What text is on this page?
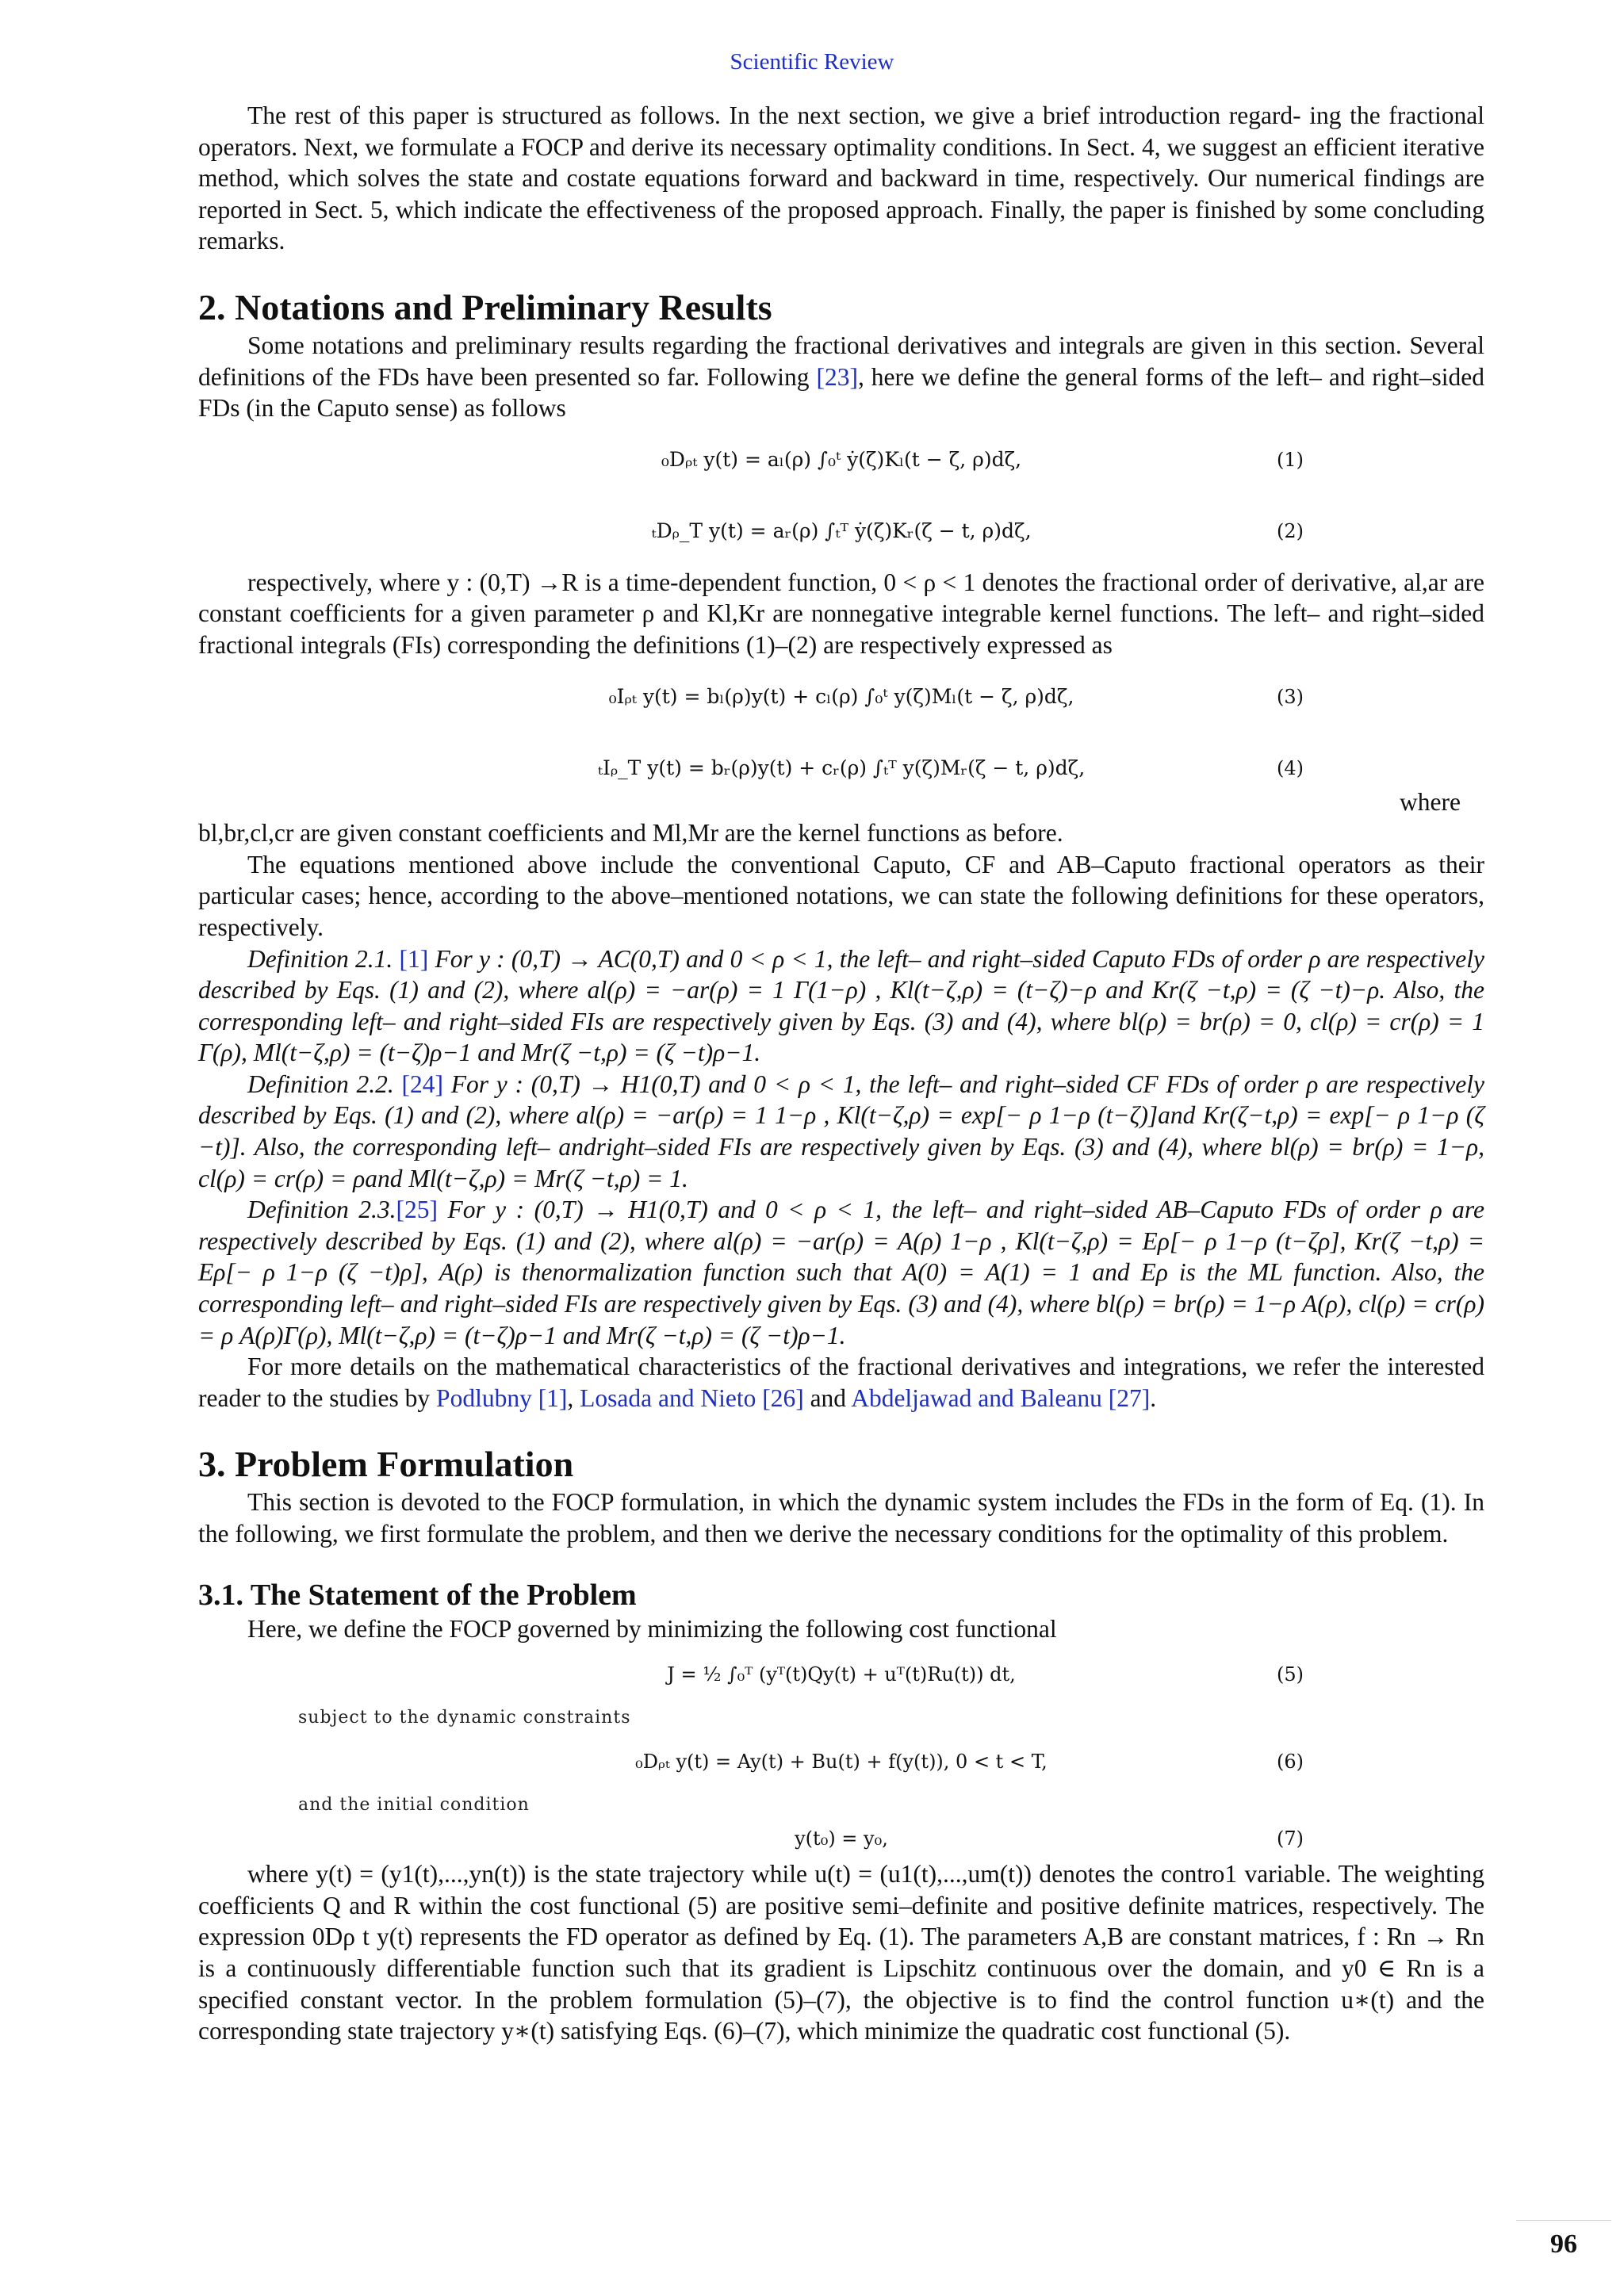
Scientific Review

The rest of this paper is structured as follows. In the next section, we give a brief introduction regard- ing the fractional operators. Next, we formulate a FOCP and derive its necessary optimality conditions. In Sect. 4, we suggest an efficient iterative method, which solves the state and costate equations forward and backward in time, respectively. Our numerical findings are reported in Sect. 5, which indicate the effectiveness of the proposed approach. Finally, the paper is finished by some concluding remarks.

2. Notations and Preliminary Results

Some notations and preliminary results regarding the fractional derivatives and integrals are given in this section. Several definitions of the FDs have been presented so far. Following [23], here we define the general forms of the left– and right–sided FDs (in the Caputo sense) as follows

₀Dᵨₜ y(t) = aₗ(ρ) ∫₀ᵗ ẏ(ζ)Kₗ(t − ζ, ρ)dζ,	(1)
ₜDᵨ_T y(t) = aᵣ(ρ) ∫ₜᵀ ẏ(ζ)Kᵣ(ζ − t, ρ)dζ,	(2)

respectively, where y : (0,T) →R is a time-dependent function, 0 < ρ < 1 denotes the fractional order of derivative, al,ar are constant coefficients for a given parameter ρ and Kl,Kr are nonnegative integrable kernel functions. The left– and right–sided fractional integrals (FIs) corresponding the definitions (1)–(2) are respectively expressed as

₀Iᵨₜ y(t) = bₗ(ρ)y(t) + cₗ(ρ) ∫₀ᵗ y(ζ)Mₗ(t − ζ, ρ)dζ,	(3)
ₜIᵨ_T y(t) = bᵣ(ρ)y(t) + cᵣ(ρ) ∫ₜᵀ y(ζ)Mᵣ(ζ − t, ρ)dζ,	(4)

where

bl,br,cl,cr are given constant coefficients and Ml,Mr are the kernel functions as before.

The equations mentioned above include the conventional Caputo, CF and AB–Caputo fractional operators as their particular cases; hence, according to the above–mentioned notations, we can state the following definitions for these operators, respectively.

Definition 2.1. [1] For y : (0,T) → AC(0,T) and 0 < ρ < 1, the left– and right–sided Caputo FDs of order ρ are respectively described by Eqs. (1) and (2), where al(ρ) = −ar(ρ) = 1 Γ(1−ρ) , Kl(t−ζ,ρ) = (t−ζ)−ρ and Kr(ζ −t,ρ) = (ζ −t)−ρ. Also, the corresponding left– and right–sided FIs are respectively given by Eqs. (3) and (4), where bl(ρ) = br(ρ) = 0, cl(ρ) = cr(ρ) = 1 Γ(ρ), Ml(t−ζ,ρ) = (t−ζ)ρ−1 and Mr(ζ −t,ρ) = (ζ −t)ρ−1.

Definition 2.2. [24] For y : (0,T) → H1(0,T) and 0 < ρ < 1, the left– and right–sided CF FDs of order ρ are respectively described by Eqs. (1) and (2), where al(ρ) = −ar(ρ) = 1 1−ρ , Kl(t−ζ,ρ) = exp[− ρ 1−ρ (t−ζ)]and Kr(ζ−t,ρ) = exp[− ρ 1−ρ (ζ −t)]. Also, the corresponding left– andright–sided FIs are respectively given by Eqs. (3) and (4), where bl(ρ) = br(ρ) = 1−ρ, cl(ρ) = cr(ρ) = ρand Ml(t−ζ,ρ) = Mr(ζ −t,ρ) = 1.

Definition 2.3.[25] For y : (0,T) → H1(0,T) and 0 < ρ < 1, the left– and right–sided AB–Caputo FDs of order ρ are respectively described by Eqs. (1) and (2), where al(ρ) = −ar(ρ) = A(ρ) 1−ρ , Kl(t−ζ,ρ) = Eρ[− ρ 1−ρ (t−ζρ], Kr(ζ −t,ρ) = Eρ[− ρ 1−ρ (ζ −t)ρ], A(ρ) is thenormalization function such that A(0) = A(1) = 1 and Eρ is the ML function. Also, the corresponding left– and right–sided FIs are respectively given by Eqs. (3) and (4), where bl(ρ) = br(ρ) = 1−ρ A(ρ), cl(ρ) = cr(ρ) = ρ A(ρ)Γ(ρ), Ml(t−ζ,ρ) = (t−ζ)ρ−1 and Mr(ζ −t,ρ) = (ζ −t)ρ−1.

For more details on the mathematical characteristics of the fractional derivatives and integrations, we refer the interested reader to the studies by Podlubny [1], Losada and Nieto [26] and Abdeljawad and Baleanu [27].

3. Problem Formulation

This section is devoted to the FOCP formulation, in which the dynamic system includes the FDs in the form of Eq. (1). In the following, we first formulate the problem, and then we derive the necessary conditions for the optimality of this problem.

3.1. The Statement of the Problem

Here, we define the FOCP governed by minimizing the following cost functional

J = ½ ∫₀ᵀ (yᵀ(t)Qy(t) + uᵀ(t)Ru(t)) dt,	(5)
subject to the dynamic constraints
₀Dᵨₜ y(t) = Ay(t) + Bu(t) + f(y(t)), 0 < t < T,	(6)
and the initial condition
y(t₀) = y₀,	(7)

where y(t) = (y1(t),...,yn(t)) is the state trajectory while u(t) = (u1(t),...,um(t)) denotes the contro1 variable. The weighting coefficients Q and R within the cost functional (5) are positive semi–definite and positive definite matrices, respectively. The expression 0Dρ t y(t) represents the FD operator as defined by Eq. (1). The parameters A,B are constant matrices, f : Rn → Rn is a continuously differentiable function such that its gradient is Lipschitz continuous over the domain, and y0 ∈ Rn is a specified constant vector. In the problem formulation (5)–(7), the objective is to find the control function u∗(t) and the corresponding state trajectory y∗(t) satisfying Eqs. (6)–(7), which minimize the quadratic cost functional (5).

96
